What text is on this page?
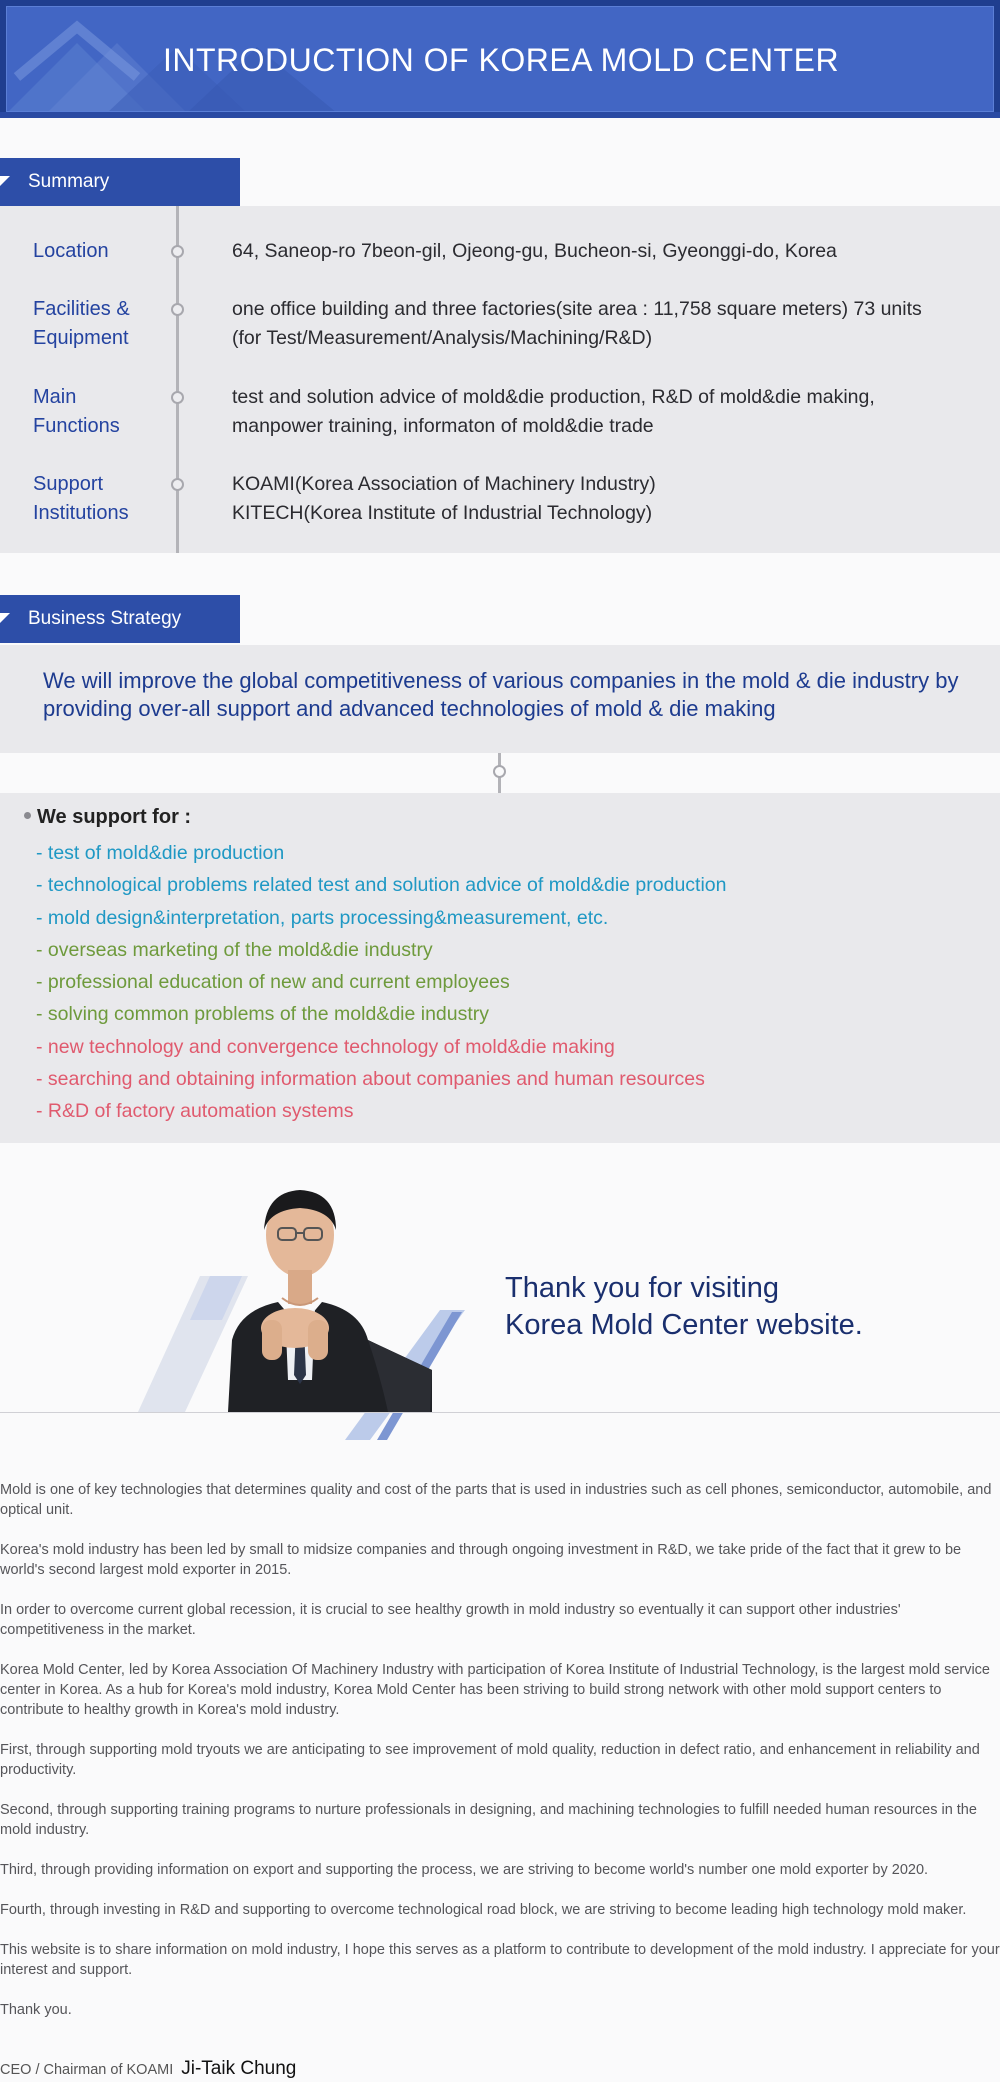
INTRODUCTION OF KOREA MOLD CENTER
Summary
Location	64, Saneop-ro 7beon-gil, Ojeong-gu, Bucheon-si, Gyeonggi-do, Korea
Facilities & Equipment
one office building and three factories(site area : 11,758 square meters) 73 units (for Test/Measurement/Analysis/Machining/R&D)
Main Functions
test and solution advice of mold&die production, R&D of mold&die making, manpower training, informaton of mold&die trade
Support Institutions
KOAMI(Korea Association of Machinery Industry) KITECH(Korea Institute of Industrial Technology)
Business Strategy
We will improve the global competitiveness of various companies in the mold & die industry by providing over-all support and advanced technologies of mold & die making
We support for :
- test of mold&die production
- technological problems related test and solution advice of mold&die production
- mold design&interpretation, parts processing&measurement, etc.
- overseas marketing of the mold&die industry
- professional education of new and current employees
- solving common problems of the mold&die industry
- new technology and convergence technology of mold&die making
- searching and obtaining information about companies and human resources
- R&D of factory automation systems
Thank you for visiting
Korea Mold Center website.

Mold is one of key technologies that determines quality and cost of the parts that is used in industries such as cell phones, semiconductor, automobile, and optical unit.

Korea's mold industry has been led by small to midsize companies and through ongoing investment in R&D, we take pride of the fact that it grew to be world's second largest mold exporter in 2015.

In order to overcome current global recession, it is crucial to see healthy growth in mold industry so eventually it can support other industries' competitiveness in the market.

Korea Mold Center, led by Korea Association Of Machinery Industry with participation of Korea Institute of Industrial Technology, is the largest mold service center in Korea. As a hub for Korea's mold industry, Korea Mold Center has been striving to build strong network with other mold support centers to contribute to healthy growth in Korea's mold industry.

First, through supporting mold tryouts we are anticipating to see improvement of mold quality, reduction in defect ratio, and enhancement in reliability and productivity.

Second, through supporting training programs to nurture professionals in designing, and machining technologies to fulfill needed human resources in the mold industry.

Third, through providing information on export and supporting the process, we are striving to become world's number one mold exporter by 2020.

Fourth, through investing in R&D and supporting to overcome technological road block, we are striving to become leading high technology mold maker.

This website is to share information on mold industry, I hope this serves as a platform to contribute to development of the mold industry. I appreciate for your interest and support.

Thank you.

CEO / Chairman of KOAMI Ji-Taik Chung
